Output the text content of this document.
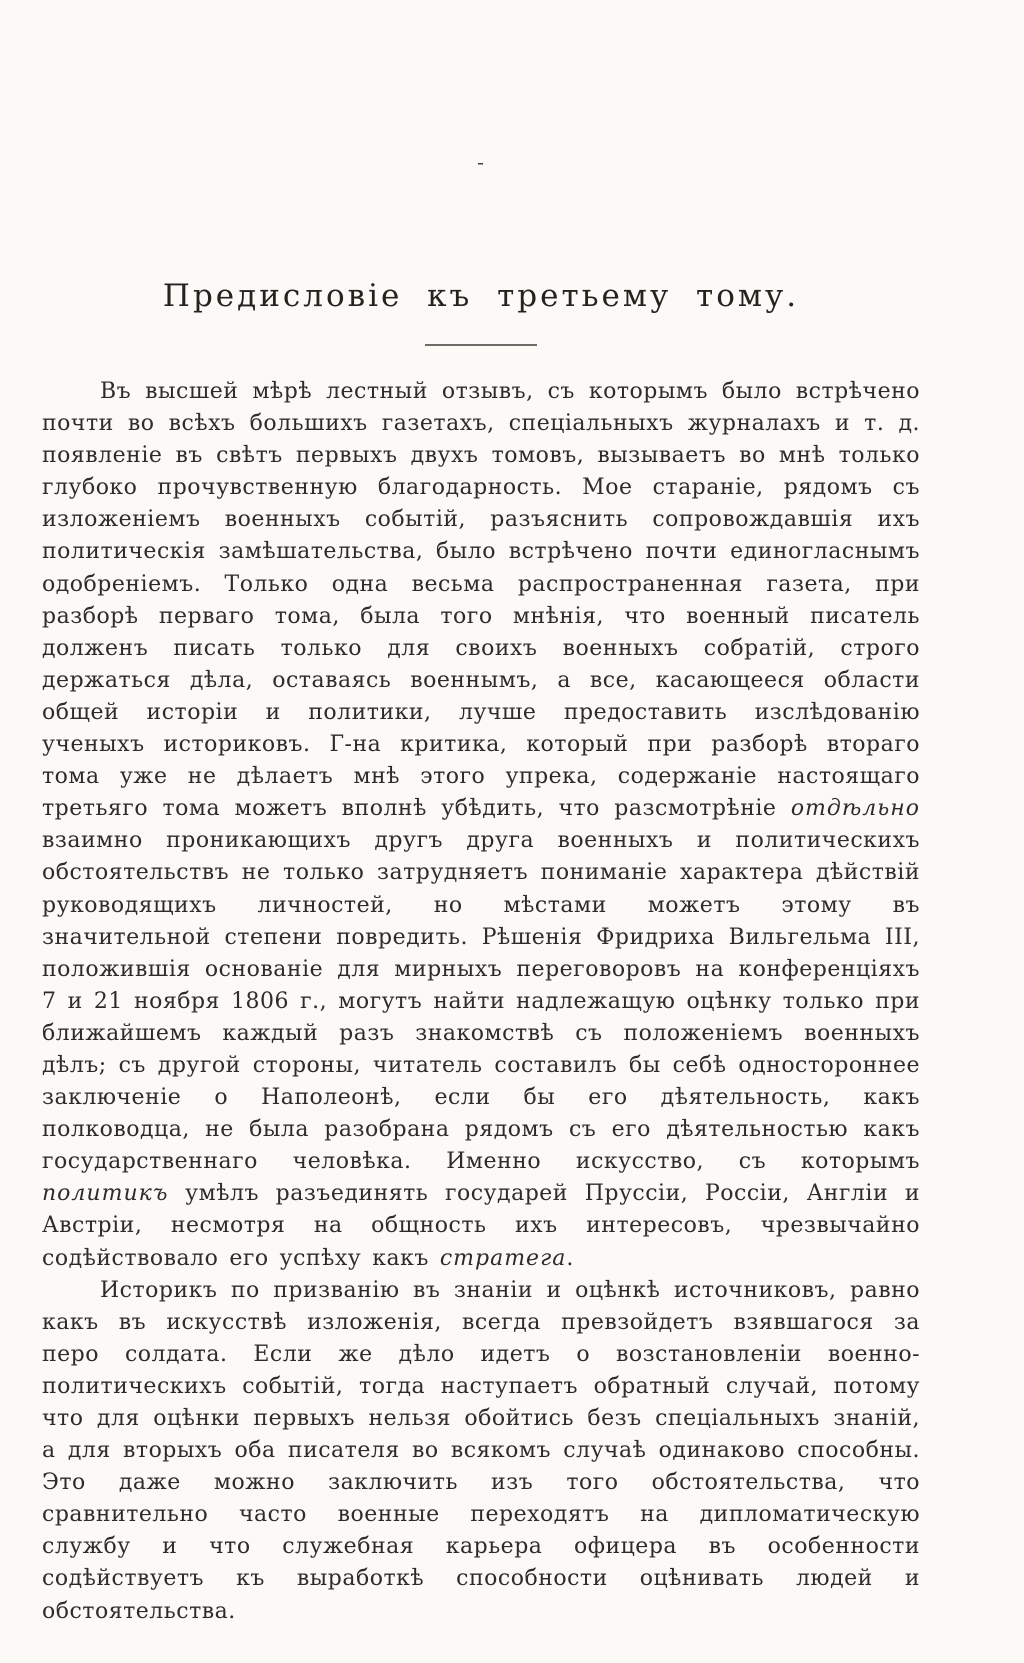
-
Предисловіе къ третьему тому.

Въ высшей мѣрѣ лестный отзывъ, съ которымъ было встрѣчено почти во всѣхъ большихъ газетахъ, спеціальныхъ журналахъ и т. д. появленіе въ свѣтъ первыхъ двухъ томовъ, вызываетъ во мнѣ только глубоко прочувственную благодарность. Мое стараніе, рядомъ съ изложеніемъ военныхъ событій, разъяснить сопровождавшія ихъ политическія замѣшательства, было встрѣчено почти единогласнымъ одобреніемъ. Только одна весьма распространенная газета, при разборѣ перваго тома, была того мнѣнія, что военный писатель долженъ писать только для своихъ военныхъ собратій, строго держаться дѣла, оставаясь военнымъ, а все, касающееся области общей исторіи и политики, лучше предоставить изслѣдованію ученыхъ историковъ. Г-на критика, который при разборѣ втораго тома уже не дѣлаетъ мнѣ этого упрека, содержаніе настоящаго третьяго тома можетъ вполнѣ убѣдить, что разсмотрѣніе отдѣльно взаимно проникающихъ другъ друга военныхъ и политическихъ обстоятельствъ не только затрудняетъ пониманіе характера дѣйствій руководящихъ личностей, но мѣстами можетъ этому въ значительной степени повредить. Рѣшенія Фридриха Вильгельма III, положившія основаніе для мирныхъ переговоровъ на конференціяхъ 7 и 21 ноября 1806 г., могутъ найти надлежащую оцѣнку только при ближайшемъ каждый разъ знакомствѣ съ положеніемъ военныхъ дѣлъ; съ другой стороны, читатель составилъ бы себѣ одностороннее заключеніе о Наполеонѣ, если бы его дѣятельность, какъ полководца, не была разобрана рядомъ съ его дѣятельностью какъ государственнаго человѣка. Именно искусство, съ которымъ политикъ умѣлъ разъединять государей Пруссіи, Россіи, Англіи и Австріи, несмотря на общность ихъ интересовъ, чрезвычайно содѣйствовало его успѣху какъ стратега.

Историкъ по призванію въ знаніи и оцѣнкѣ источниковъ, равно какъ въ искусствѣ изложенія, всегда превзойдетъ взявшагося за перо солдата. Если же дѣло идетъ о возстановленіи военно-политическихъ событій, тогда наступаетъ обратный случай, потому что для оцѣнки первыхъ нельзя обойтись безъ спеціальныхъ знаній, а для вторыхъ оба писателя во всякомъ случаѣ одинаково способны. Это даже можно заключить изъ того обстоятельства, что сравнительно часто военные переходятъ на дипломатическую службу и что служебная карьера офицера въ особенности содѣйствуетъ къ выработкѣ способности оцѣнивать людей и обстоятельства.
